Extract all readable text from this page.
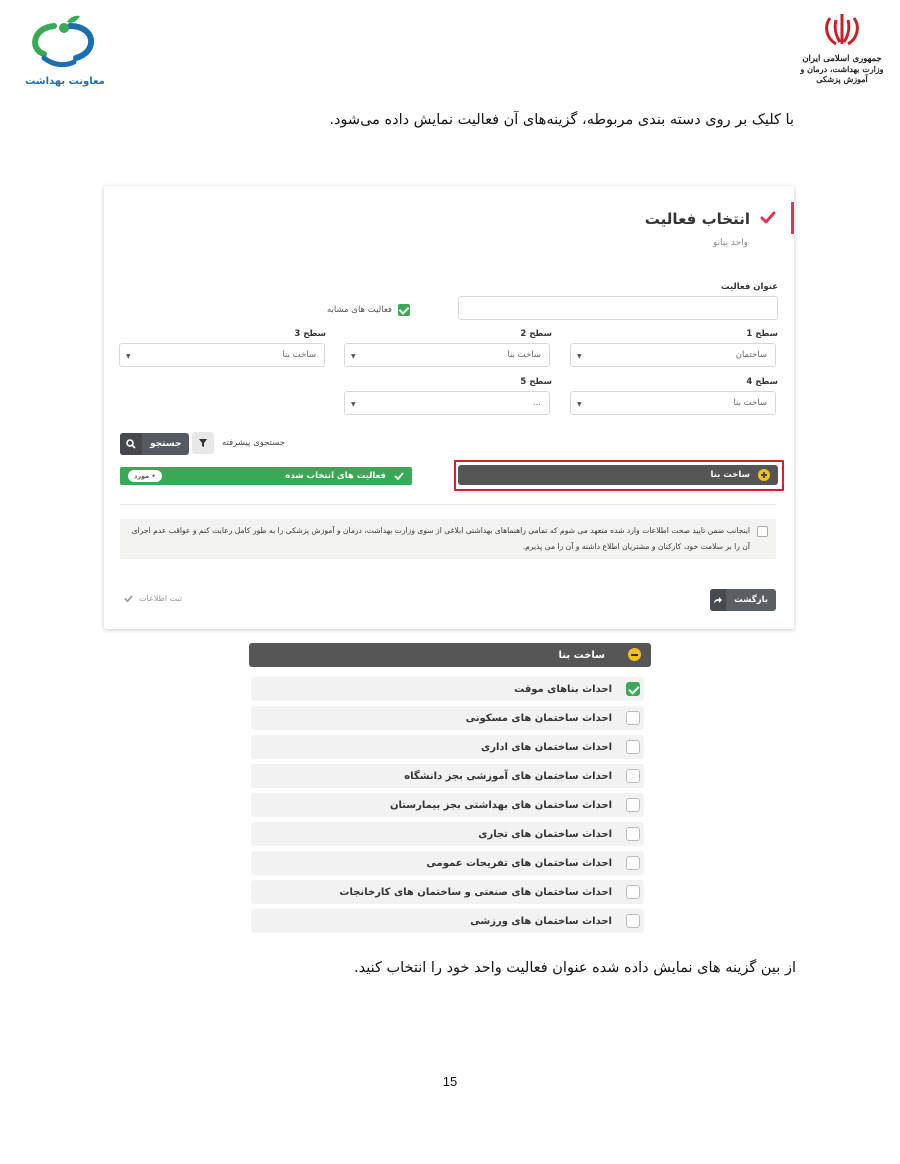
معاونت بهداشت
جمهوری اسلامی ایران
وزارت بهداشت، درمان و آموزش پزشکی

با کلیک بر روی دسته بندی مربوطه، گزینه‌های آن فعالیت نمایش داده می‌شود.

انتخاب فعالیت
واحد پیانو
عنوان فعالیت
فعالیت های مشابه
سطح 1
ساختمان
▼
سطح 2
ساخت بنا
▼
سطح 3
ساخت بنا
▼
سطح 4
ساخت بنا
▼
سطح 5
...
▼
جستجو	جستجوی پیشرفته
فعالیت های انتخاب شده
• مورد	ساخت بنا
اینجانب ضمن تایید صحت اطلاعات وارد شده متعهد می شوم که تمامی راهنماهای بهداشتی ابلاغی از سوی وزارت بهداشت، درمان و آموزش پزشکی را به طور کامل رعایت کنم و عواقب عدم اجرای آن را بر سلامت خود، کارکنان و مشتریان اطلاع داشته و آن را می پذیرم.
بازگشت
ثبت اطلاعات
ساخت بنا
احداث بناهای موقت
احداث ساختمان های مسکونی
احداث ساختمان های اداری
احداث ساختمان های آموزشی بجز دانشگاه
احداث ساختمان های بهداشتی بجز بیمارستان
احداث ساختمان های تجاری
احداث ساختمان های تفریحات عمومی
احداث ساختمان های صنعتی و ساختمان های کارخانجات
احداث ساختمان های ورزشی

از بین گزینه های نمایش داده شده عنوان فعالیت واحد خود را انتخاب کنید.

15
